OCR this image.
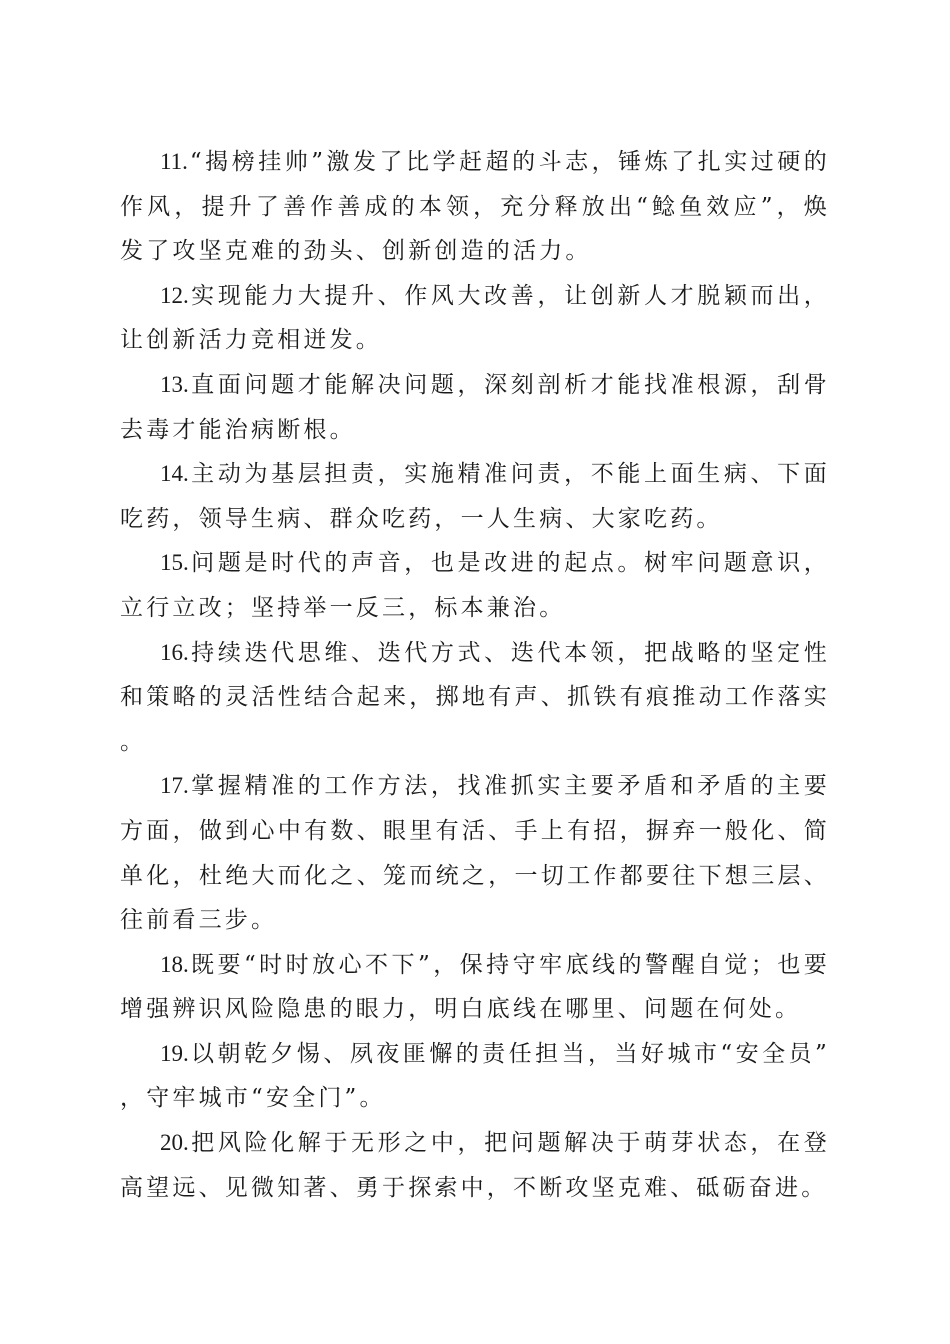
11.“揭榜挂帅”激发了比学赶超的斗志，锤炼了扎实过硬的作风，提升了善作善成的本领，充分释放出“鲶鱼效应”，焕发了攻坚克难的劲头、创新创造的活力。

12.实现能力大提升、作风大改善，让创新人才脱颖而出，让创新活力竞相迸发。

13.直面问题才能解决问题，深刻剖析才能找准根源，刮骨去毒才能治病断根。

14.主动为基层担责，实施精准问责，不能上面生病、下面吃药，领导生病、群众吃药，一人生病、大家吃药。

15.问题是时代的声音，也是改进的起点。树牢问题意识，立行立改；坚持举一反三，标本兼治。

16.持续迭代思维、迭代方式、迭代本领，把战略的坚定性和策略的灵活性结合起来，掷地有声、抓铁有痕推动工作落实。

17.掌握精准的工作方法，找准抓实主要矛盾和矛盾的主要方面，做到心中有数、眼里有活、手上有招，摒弃一般化、简单化，杜绝大而化之、笼而统之，一切工作都要往下想三层、往前看三步。

18.既要“时时放心不下”，保持守牢底线的警醒自觉；也要增强辨识风险隐患的眼力，明白底线在哪里、问题在何处。

19.以朝乾夕惕、夙夜匪懈的责任担当，当好城市“安全员”，守牢城市“安全门”。

20.把风险化解于无形之中，把问题解决于萌芽状态，在登高望远、见微知著、勇于探索中，不断攻坚克难、砥砺奋进。
